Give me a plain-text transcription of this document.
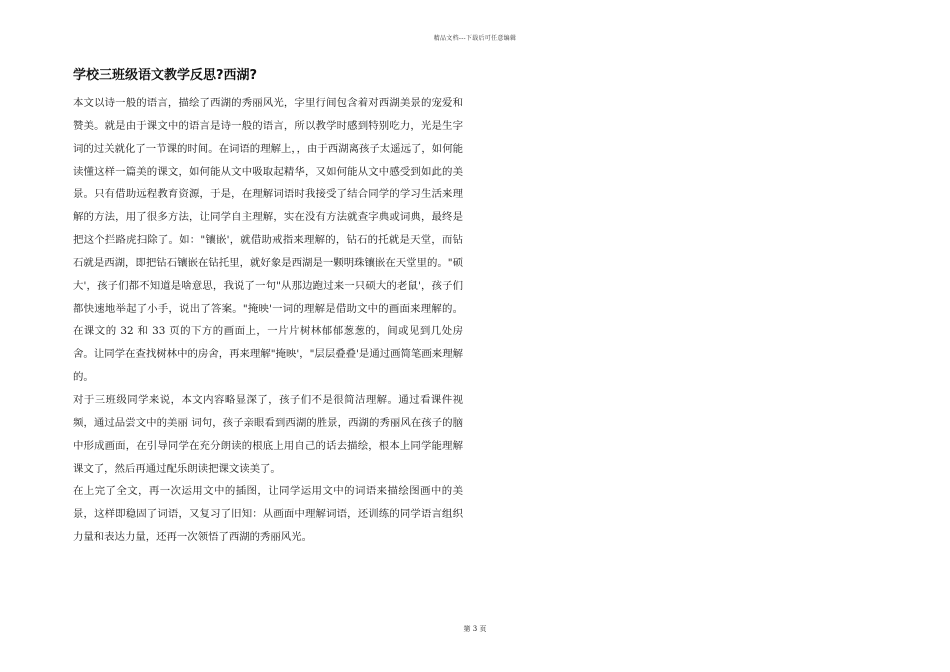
精品文档---下载后可任意编辑
学校三班级语文教学反思?西湖?

本文以诗一般的语言，描绘了西湖的秀丽风光，字里行间包含着对西湖美景的宠爱和赞美。就是由于课文中的语言是诗一般的语言，所以教学时感到特别吃力，光是生字词的过关就化了一节课的时间。在词语的理解上，，由于西湖离孩子太遥远了，如何能读懂这样一篇美的课文，如何能从文中吸取起精华，又如何能从文中感受到如此的美景。只有借助远程教育资源，于是，在理解词语时我接受了结合同学的学习生活来理解的方法，用了很多方法，让同学自主理解，实在没有方法就查字典或词典，最终是把这个拦路虎扫除了。如："镶嵌'，就借助戒指来理解的，钻石的托就是天堂，而钻石就是西湖，即把钻石镶嵌在钻托里，就好象是西湖是一颗明珠镶嵌在天堂里的。"硕大'，孩子们都不知道是啥意思，我说了一句"从那边跑过来一只硕大的老鼠'，孩子们都快速地举起了小手，说出了答案。"掩映'一词的理解是借助文中的画面来理解的。在课文的 32 和 33 页的下方的画面上，一片片树林郁郁葱葱的，间或见到几处房舍。让同学在查找树林中的房舍，再来理解"掩映'，"层层叠叠'是通过画简笔画来理解的。

对于三班级同学来说，本文内容略显深了，孩子们不是很简洁理解。通过看课件视频，通过品尝文中的美丽 词句，孩子亲眼看到西湖的胜景，西湖的秀丽风在孩子的脑中形成画面，在引导同学在充分朗读的根底上用自己的话去描绘，根本上同学能理解课文了，然后再通过配乐朗读把课文读美了。

在上完了全文，再一次运用文中的插图，让同学运用文中的词语来描绘图画中的美景，这样即稳固了词语，又复习了旧知：从画面中理解词语，还训练的同学语言组织力量和表达力量，还再一次领悟了西湖的秀丽风光。

第 3 页
